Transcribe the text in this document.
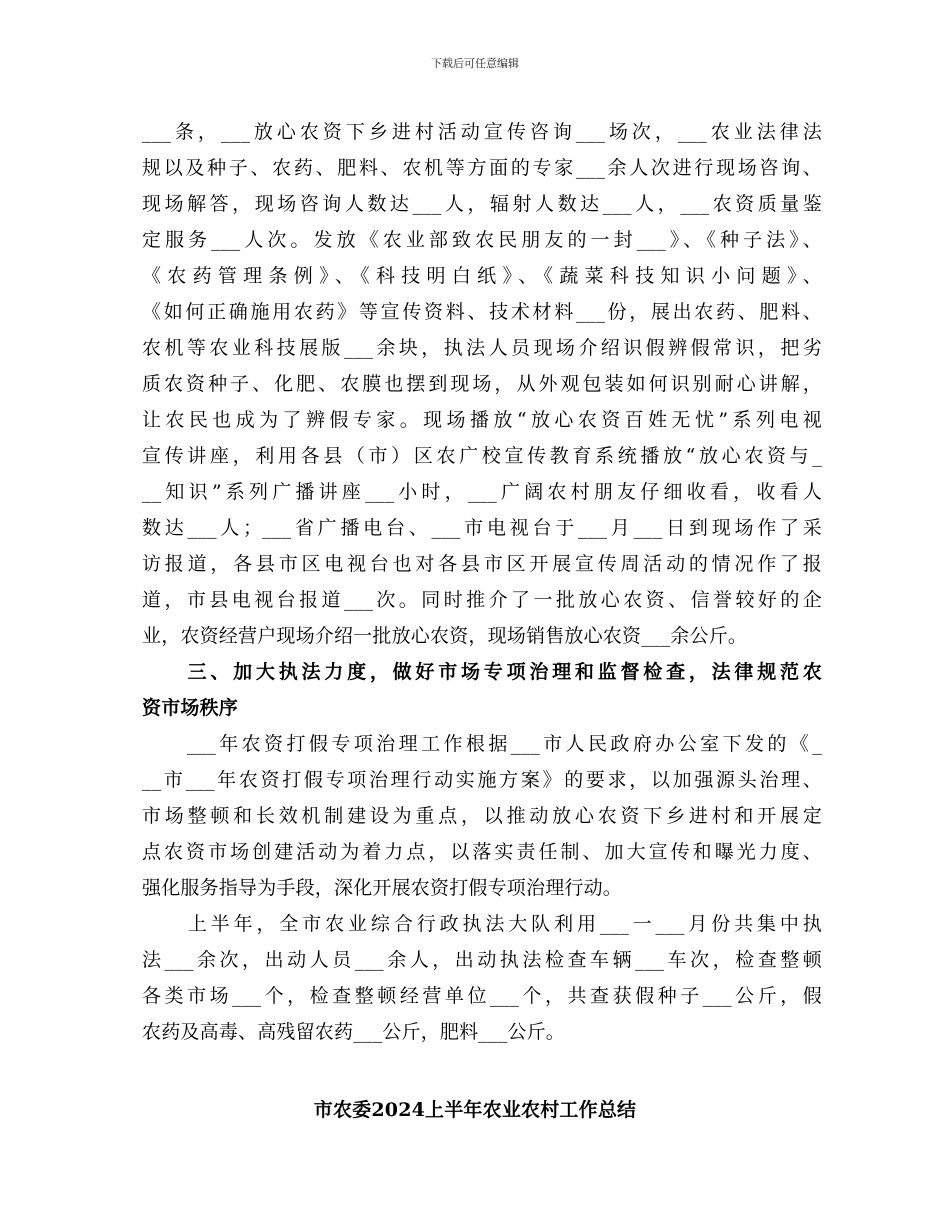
下载后可任意编辑
___条，___放心农资下乡进村活动宣传咨询___场次，___农业法律法
规以及种子、农药、肥料、农机等方面的专家___余人次进行现场咨询、
现场解答，现场咨询人数达___人，辐射人数达___人，___农资质量鉴
定服务___人次。发放《农业部致农民朋友的一封___》、《种子法》、
《农药管理条例》、《科技明白纸》、《蔬菜科技知识小问题》、
《如何正确施用农药》等宣传资料、技术材料___份，展出农药、肥料、
农机等农业科技展版___余块，执法人员现场介绍识假辨假常识，把劣
质农资种子、化肥、农膜也摆到现场，从外观包装如何识别耐心讲解，
让农民也成为了辨假专家。现场播放“放心农资百姓无忧”系列电视
宣传讲座，利用各县（市）区农广校宣传教育系统播放“放心农资与_
__知识”系列广播讲座___小时，___广阔农村朋友仔细收看，收看人
数达___人；___省广播电台、___市电视台于___月___日到现场作了采
访报道，各县市区电视台也对各县市区开展宣传周活动的情况作了报
道，市县电视台报道___次。同时推介了一批放心农资、信誉较好的企
业，农资经营户现场介绍一批放心农资，现场销售放心农资___余公斤。
　　三、加大执法力度，做好市场专项治理和监督检查，法律规范农
资市场秩序
　　___年农资打假专项治理工作根据___市人民政府办公室下发的《_
__市___年农资打假专项治理行动实施方案》的要求，以加强源头治理、
市场整顿和长效机制建设为重点，以推动放心农资下乡进村和开展定
点农资市场创建活动为着力点，以落实责任制、加大宣传和曝光力度、
强化服务指导为手段，深化开展农资打假专项治理行动。
　　上半年，全市农业综合行政执法大队利用___一___月份共集中执
法___余次，出动人员___余人，出动执法检查车辆___车次，检查整顿
各类市场___个，检查整顿经营单位___个，共查获假种子___公斤，假
农药及高毒、高残留农药___公斤，肥料___公斤。
市农委2024上半年农业农村工作总结
